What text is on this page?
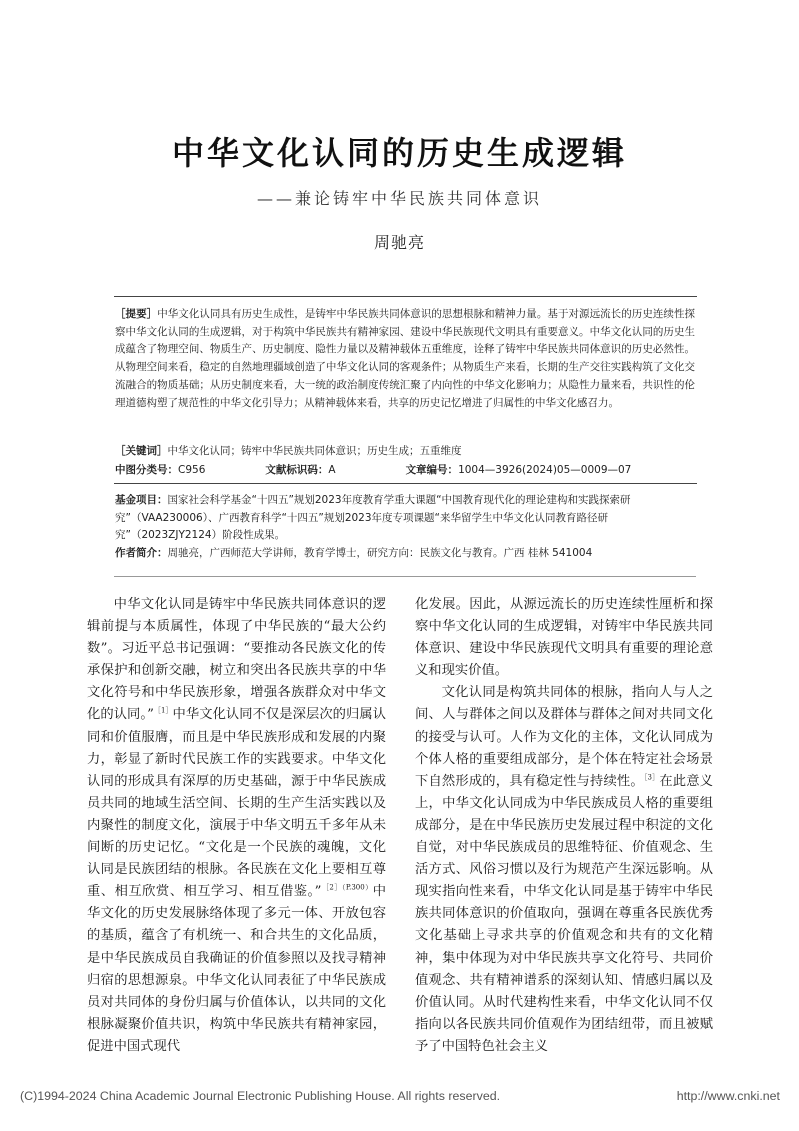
中华文化认同的历史生成逻辑
——兼论铸牢中华民族共同体意识
周驰亮

［提要］中华文化认同具有历史生成性，是铸牢中华民族共同体意识的思想根脉和精神力量。基于对源远流长的历史连续性探察中华文化认同的生成逻辑，对于构筑中华民族共有精神家园、建设中华民族现代文明具有重要意义。中华文化认同的历史生成蕴含了物理空间、物质生产、历史制度、隐性力量以及精神载体五重维度，诠释了铸牢中华民族共同体意识的历史必然性。从物理空间来看，稳定的自然地理疆域创造了中华文化认同的客观条件；从物质生产来看，长期的生产交往实践构筑了文化交流融合的物质基础；从历史制度来看，大一统的政治制度传统汇聚了内向性的中华文化影响力；从隐性力量来看，共识性的伦理道德构塑了规范性的中华文化引导力；从精神载体来看，共享的历史记忆增进了归属性的中华文化感召力。

［关键词］中华文化认同；铸牢中华民族共同体意识；历史生成；五重维度
中图分类号：C956	文献标识码：A	文章编号：1004—3926(2024)05—0009—07

基金项目：国家社会科学基金“十四五”规划2023年度教育学重大课题“中国教育现代化的理论建构和实践探索研究”（VAA230006）、广西教育科学“十四五”规划2023年度专项课题“来华留学生中华文化认同教育路径研究”（2023ZJY2124）阶段性成果。

作者简介：周驰亮，广西师范大学讲师，教育学博士，研究方向：民族文化与教育。广西 桂林 541004

中华文化认同是铸牢中华民族共同体意识的逻辑前提与本质属性，体现了中华民族的“最大公约数”。习近平总书记强调：“要推动各民族文化的传承保护和创新交融，树立和突出各民族共享的中华文化符号和中华民族形象，增强各族群众对中华文化的认同。”$^{[1]}$中华文化认同不仅是深层次的归属认同和价值服膺，而且是中华民族形成和发展的内聚力，彰显了新时代民族工作的实践要求。中华文化认同的形成具有深厚的历史基础，源于中华民族成员共同的地域生活空间、长期的生产生活实践以及内聚性的制度文化，演展于中华文明五千多年从未间断的历史记忆。“文化是一个民族的魂魄，文化认同是民族团结的根脉。各民族在文化上要相互尊重、相互欣赏、相互学习、相互借鉴。”$^{[2](P.300)}$中华文化的历史发展脉络体现了多元一体、开放包容的基质，蕴含了有机统一、和合共生的文化品质，是中华民族成员自我确证的价值参照以及找寻精神归宿的思想源泉。中华文化认同表征了中华民族成员对共同体的身份归属与价值体认，以共同的文化根脉凝聚价值共识，构筑中华民族共有精神家园，促进中国式现代

化发展。因此，从源远流长的历史连续性厘析和探察中华文化认同的生成逻辑，对铸牢中华民族共同体意识、建设中华民族现代文明具有重要的理论意义和现实价值。

文化认同是构筑共同体的根脉，指向人与人之间、人与群体之间以及群体与群体之间对共同文化的接受与认可。人作为文化的主体，文化认同成为个体人格的重要组成部分，是个体在特定社会场景下自然形成的，具有稳定性与持续性。$^{[3]}$在此意义上，中华文化认同成为中华民族成员人格的重要组成部分，是在中华民族历史发展过程中积淀的文化自觉，对中华民族成员的思维特征、价值观念、生活方式、风俗习惯以及行为规范产生深远影响。从现实指向性来看，中华文化认同是基于铸牢中华民族共同体意识的价值取向，强调在尊重各民族优秀文化基础上寻求共享的价值观念和共有的文化精神，集中体现为对中华民族共享文化符号、共同价值观念、共有精神谱系的深刻认知、情感归属以及价值认同。从时代建构性来看，中华文化认同不仅指向以各民族共同价值观作为团结纽带，而且被赋予了中国特色社会主义

(C)1994-2024 China Academic Journal Electronic Publishing House. All rights reserved.	http://www.cnki.net
